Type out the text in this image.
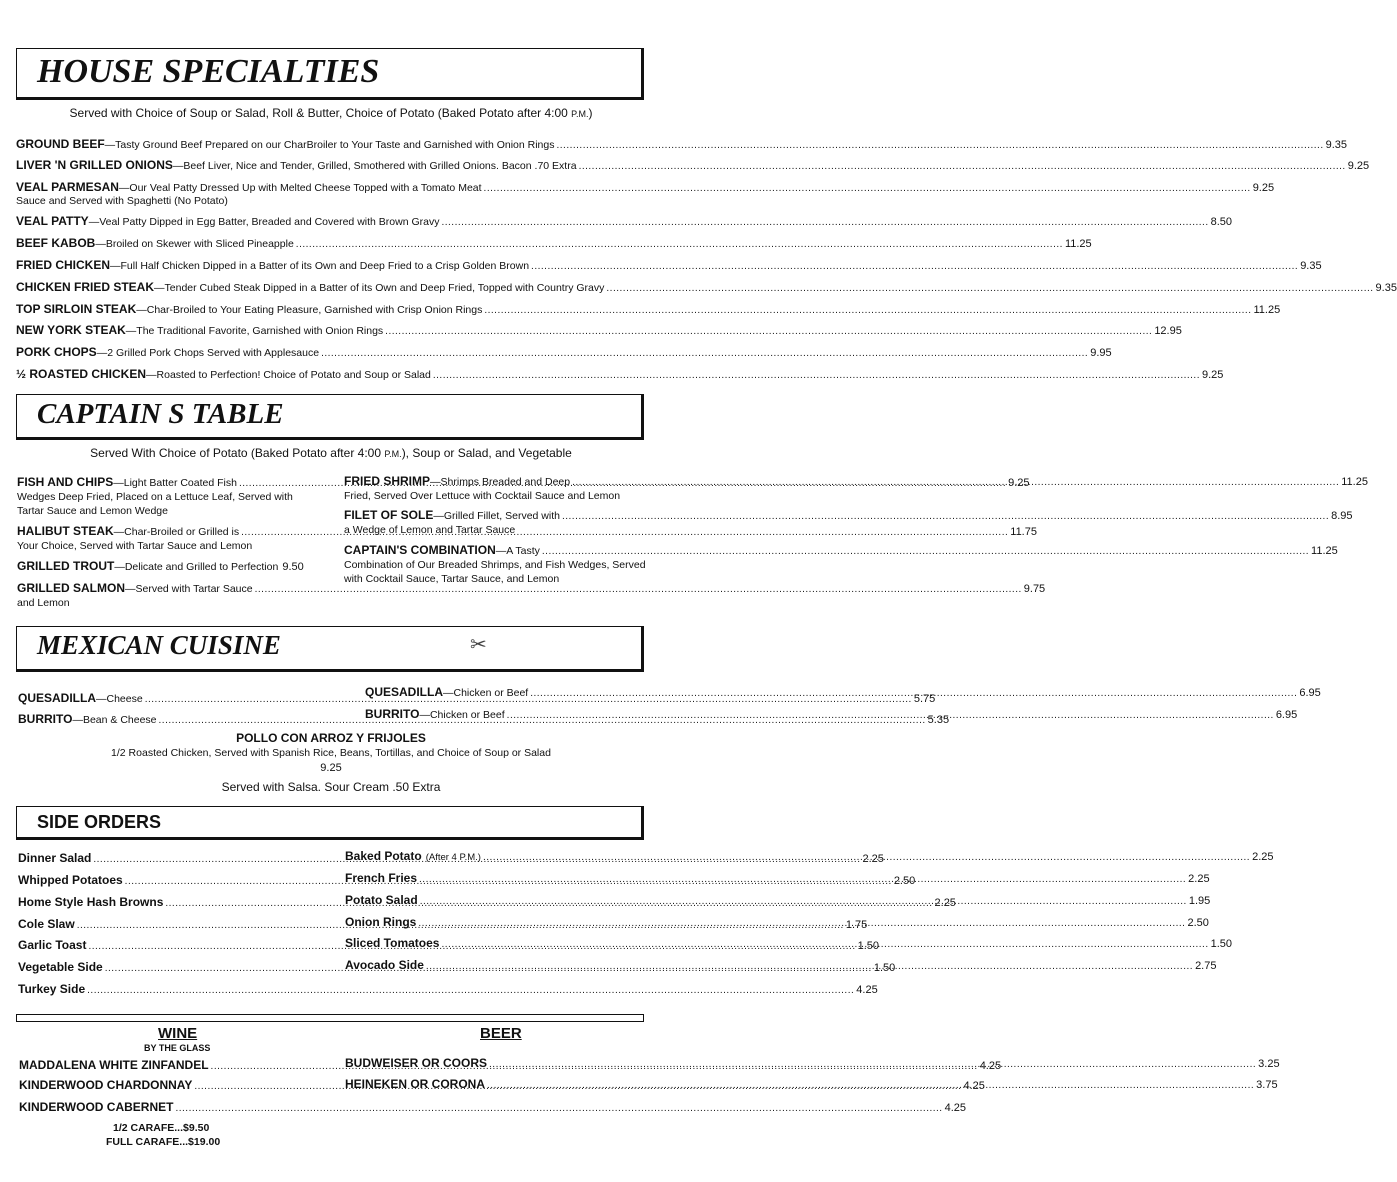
HOUSE SPECIALTIES
Served with Choice of Soup or Salad, Roll & Butter, Choice of Potato (Baked Potato after 4:00 P.M.)
GROUND BEEF —Tasty Ground Beef Prepared on our CharBroiler to Your Taste and Garnished with Onion Rings .....	9.35
LIVER 'N GRILLED ONIONS —Beef Liver, Nice and Tender, Grilled, Smothered with Grilled Onions. Bacon .70 Extra .....	9.25
VEAL PARMESAN —Our Veal Patty Dressed Up with Melted Cheese Topped with a Tomato Meat .....	9.25
Sauce and Served with Spaghetti (No Potato)
VEAL PATTY —Veal Patty Dipped in Egg Batter, Breaded and Covered with Brown Gravy .....	8.50
BEEF KABOB —Broiled on Skewer with Sliced Pineapple .....	11.25
FRIED CHICKEN —Full Half Chicken Dipped in a Batter of its Own and Deep Fried to a Crisp Golden Brown .....	9.35
CHICKEN FRIED STEAK —Tender Cubed Steak Dipped in a Batter of its Own and Deep Fried, Topped with Country Gravy .....	9.35
TOP SIRLOIN STEAK —Char-Broiled to Your Eating Pleasure, Garnished with Crisp Onion Rings .....	11.25
NEW YORK STEAK —The Traditional Favorite, Garnished with Onion Rings .....	12.95
PORK CHOPS —2 Grilled Pork Chops Served with Applesauce .....	9.95
½ ROASTED CHICKEN —Roasted to Perfection! Choice of Potato and Soup or Salad .....	9.25
CAPTAIN S TABLE
Served With Choice of Potato (Baked Potato after 4:00 P.M.), Soup or Salad, and Vegetable
FISH AND CHIPS —Light Batter Coated Fish .....	9.25
Wedges Deep Fried, Placed on a Lettuce Leaf, Served with
Tartar Sauce and Lemon Wedge
HALIBUT STEAK —Char-Broiled or Grilled is .....	11.75
Your Choice, Served with Tartar Sauce and Lemon
GRILLED TROUT —Delicate and Grilled to Perfection 9.50
GRILLED SALMON —Served with Tartar Sauce .....	9.75
and Lemon
FRIED SHRIMP —Shrimps Breaded and Deep .....	11.25
Fried, Served Over Lettuce with Cocktail Sauce and Lemon
FILET OF SOLE —Grilled Fillet, Served with .....	8.95
a Wedge of Lemon and Tartar Sauce
CAPTAIN'S COMBINATION —A Tasty .....	11.25
Combination of Our Breaded Shrimps, and Fish Wedges, Served
with Cocktail Sauce, Tartar Sauce, and Lemon
MEXICAN CUISINE	✂
QUESADILLA —Cheese .....	5.75
BURRITO —Bean & Cheese .....	5.35
QUESADILLA —Chicken or Beef .....	6.95
BURRITO —Chicken or Beef .....	6.95
POLLO CON ARROZ Y FRIJOLES
1/2 Roasted Chicken, Served with Spanish Rice, Beans, Tortillas, and Choice of Soup or Salad
9.25
Served with Salsa. Sour Cream .50 Extra
SIDE ORDERS
Dinner Salad .....	2.25
Whipped Potatoes .....	2.50
Home Style Hash Browns .....	2.25
Cole Slaw .....	1.75
Garlic Toast .....	1.50
Vegetable Side .....	1.50
Turkey Side .....	4.25
Baked Potato (After 4 P.M.) .....	2.25
French Fries .....	2.25
Potato Salad .....	1.95
Onion Rings .....	2.50
Sliced Tomatoes .....	1.50
Avocado Side .....	2.75
WINE
BY THE GLASS
BEER
MADDALENA WHITE ZINFANDEL .....	4.25
KINDERWOOD CHARDONNAY .....	4.25
KINDERWOOD CABERNET .....	4.25
BUDWEISER OR COORS .....	3.25
HEINEKEN OR CORONA .....	3.75
1/2 CARAFE...$9.50
FULL CARAFE...$19.00
